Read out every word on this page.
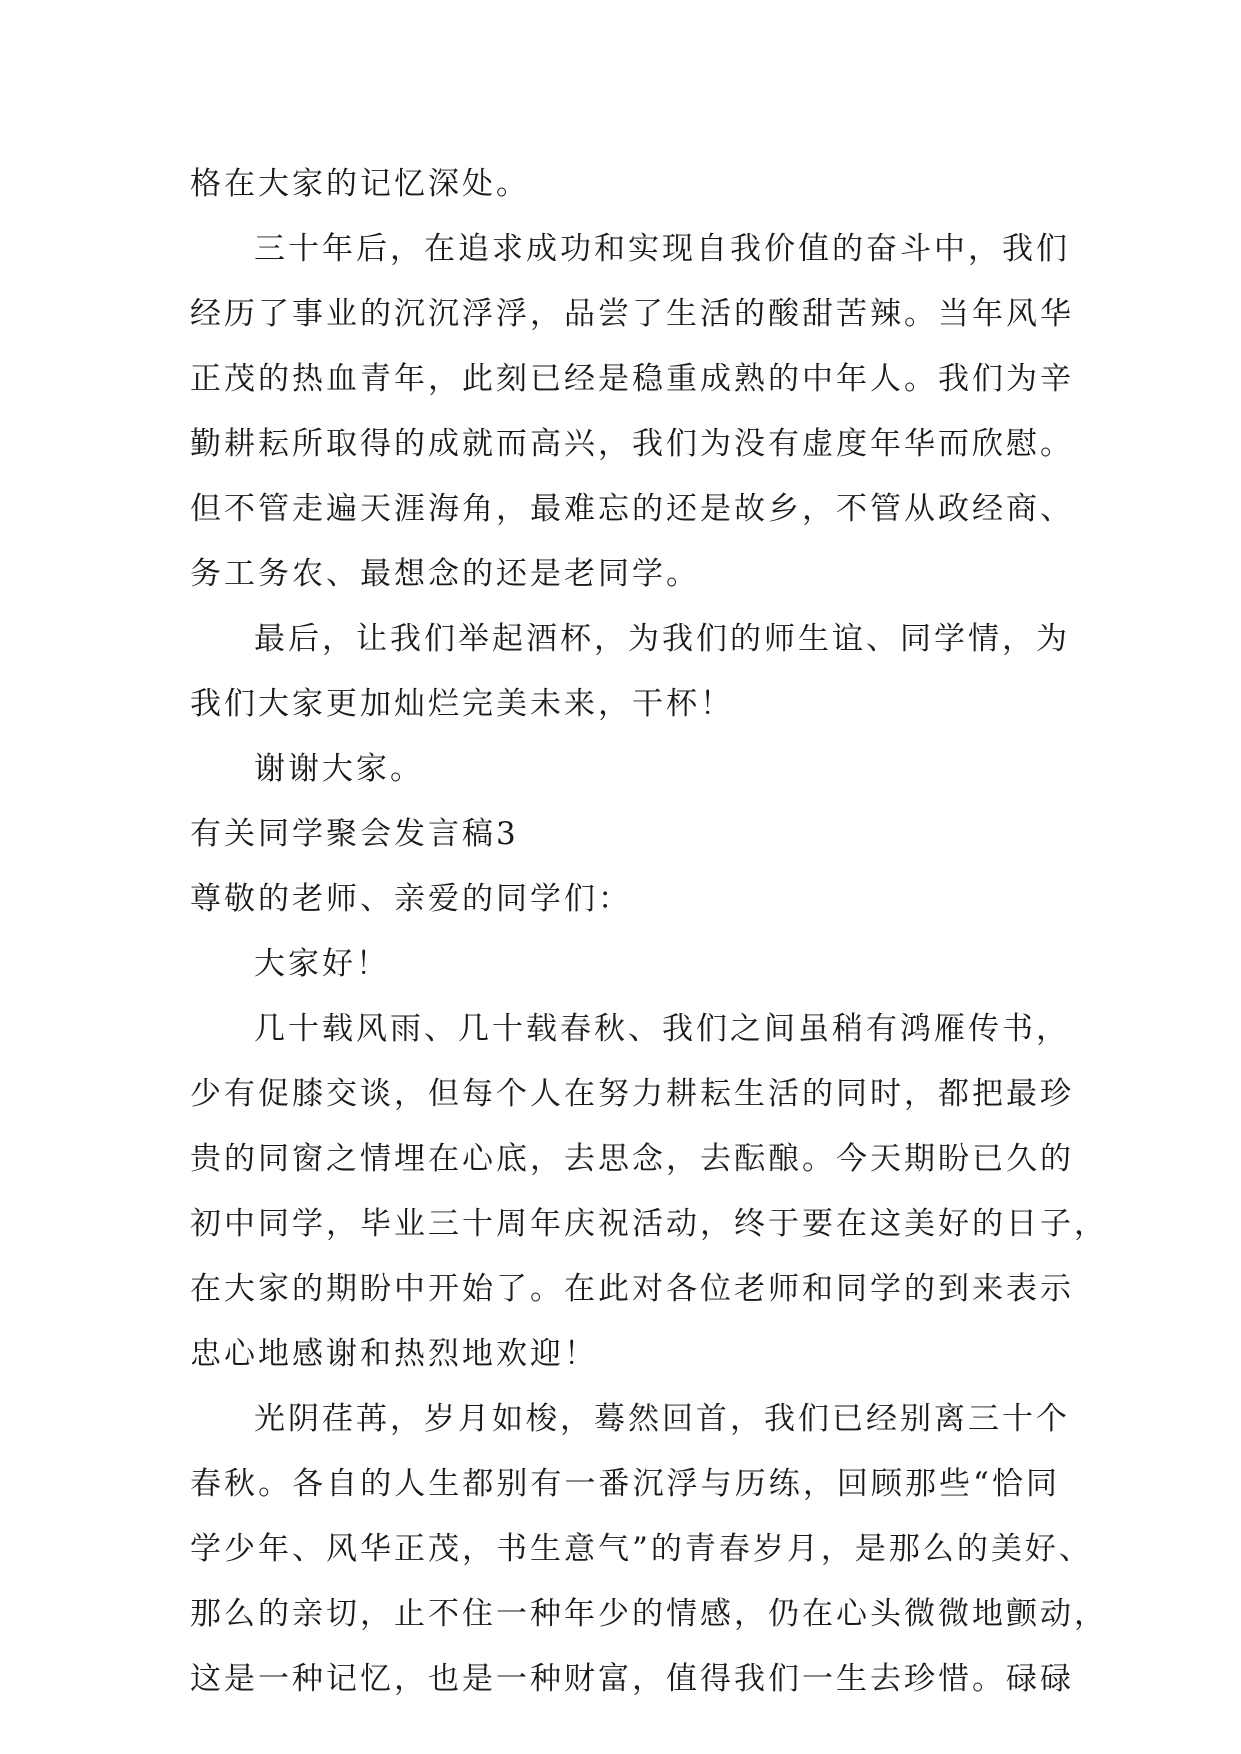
格在大家的记忆深处。
三十年后，在追求成功和实现自我价值的奋斗中，我们
经历了事业的沉沉浮浮，品尝了生活的酸甜苦辣。当年风华
正茂的热血青年，此刻已经是稳重成熟的中年人。我们为辛
勤耕耘所取得的成就而高兴，我们为没有虚度年华而欣慰。
但不管走遍天涯海角，最难忘的还是故乡，不管从政经商、
务工务农、最想念的还是老同学。
最后，让我们举起酒杯，为我们的师生谊、同学情，为
我们大家更加灿烂完美未来，干杯！
谢谢大家。
有关同学聚会发言稿3
尊敬的老师、亲爱的同学们：
大家好！
几十载风雨、几十载春秋、我们之间虽稍有鸿雁传书，
少有促膝交谈，但每个人在努力耕耘生活的同时，都把最珍
贵的同窗之情埋在心底，去思念，去酝酿。今天期盼已久的
初中同学，毕业三十周年庆祝活动，终于要在这美好的日子，
在大家的期盼中开始了。在此对各位老师和同学的到来表示
忠心地感谢和热烈地欢迎！
光阴荏苒，岁月如梭，蓦然回首，我们已经别离三十个
春秋。各自的人生都别有一番沉浮与历练，回顾那些“恰同
学少年、风华正茂，书生意气”的青春岁月，是那么的美好、
那么的亲切，止不住一种年少的情感，仍在心头微微地颤动，
这是一种记忆，也是一种财富，值得我们一生去珍惜。碌碌
